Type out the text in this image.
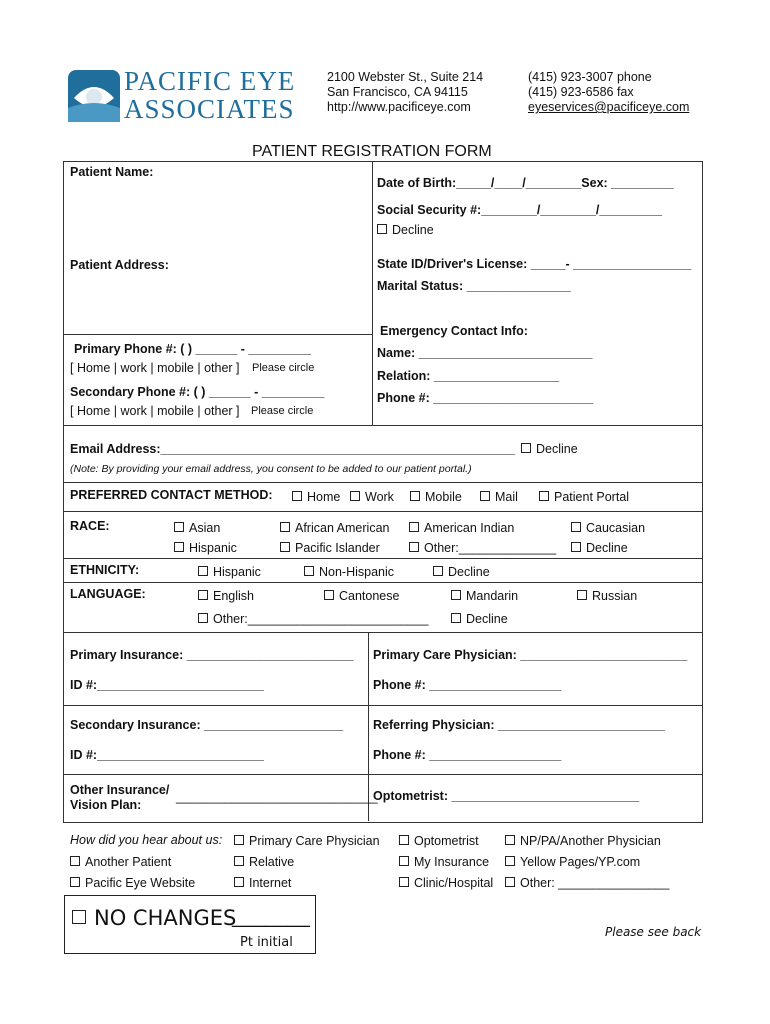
PACIFIC EYE
ASSOCIATES
2100 Webster St., Suite 214
San Francisco, CA 94115
http://www.pacificeye.com
(415) 923-3007 phone
(415) 923-6586 fax
eyeservices@pacificeye.com
PATIENT REGISTRATION FORM
Patient Name:
Date of Birth:_____/____/________Sex: _________
Social Security #:________/________/_________
Decline
Patient Address:	State ID/Driver's License: _____- _________________
Marital Status: _______________
Emergency Contact Info:
Name: _________________________
Relation: __________________
Phone #: _______________________
Primary Phone #: ( ) ______ - _________
[ Home | work | mobile | other ] Please circle
Secondary Phone #: ( ) ______ - _________
[ Home | work | mobile | other ] Please circle
Email Address:___________________________________________________	Decline
(Note: By providing your email address, you consent to be added to our patient portal.)
PREFERRED CONTACT METHOD:	Home	Work	Mobile	Mail	Patient Portal
RACE:	Asian	African American	American Indian	Caucasian
Hispanic	Pacific Islander	Other:______________	Decline
ETHNICITY:	Hispanic	Non-Hispanic	Decline
LANGUAGE:	English	Cantonese	Mandarin	Russian
Other:__________________________	Decline
Primary Insurance: ________________________
ID #:________________________
Primary Care Physician: ________________________
Phone #: ___________________
Secondary Insurance: ____________________
ID #:________________________
Referring Physician: ________________________
Phone #: ___________________
Other Insurance/
Vision Plan:
_____________________________
Optometrist: ___________________________
How did you hear about us:	Primary Care Physician	Optometrist	NP/PA/Another Physician
Another Patient	Relative	My Insurance	Yellow Pages/YP.com
Pacific Eye Website	Internet	Clinic/Hospital	Other: ________________
NO CHANGES
_______
Pt initial
Please see back
